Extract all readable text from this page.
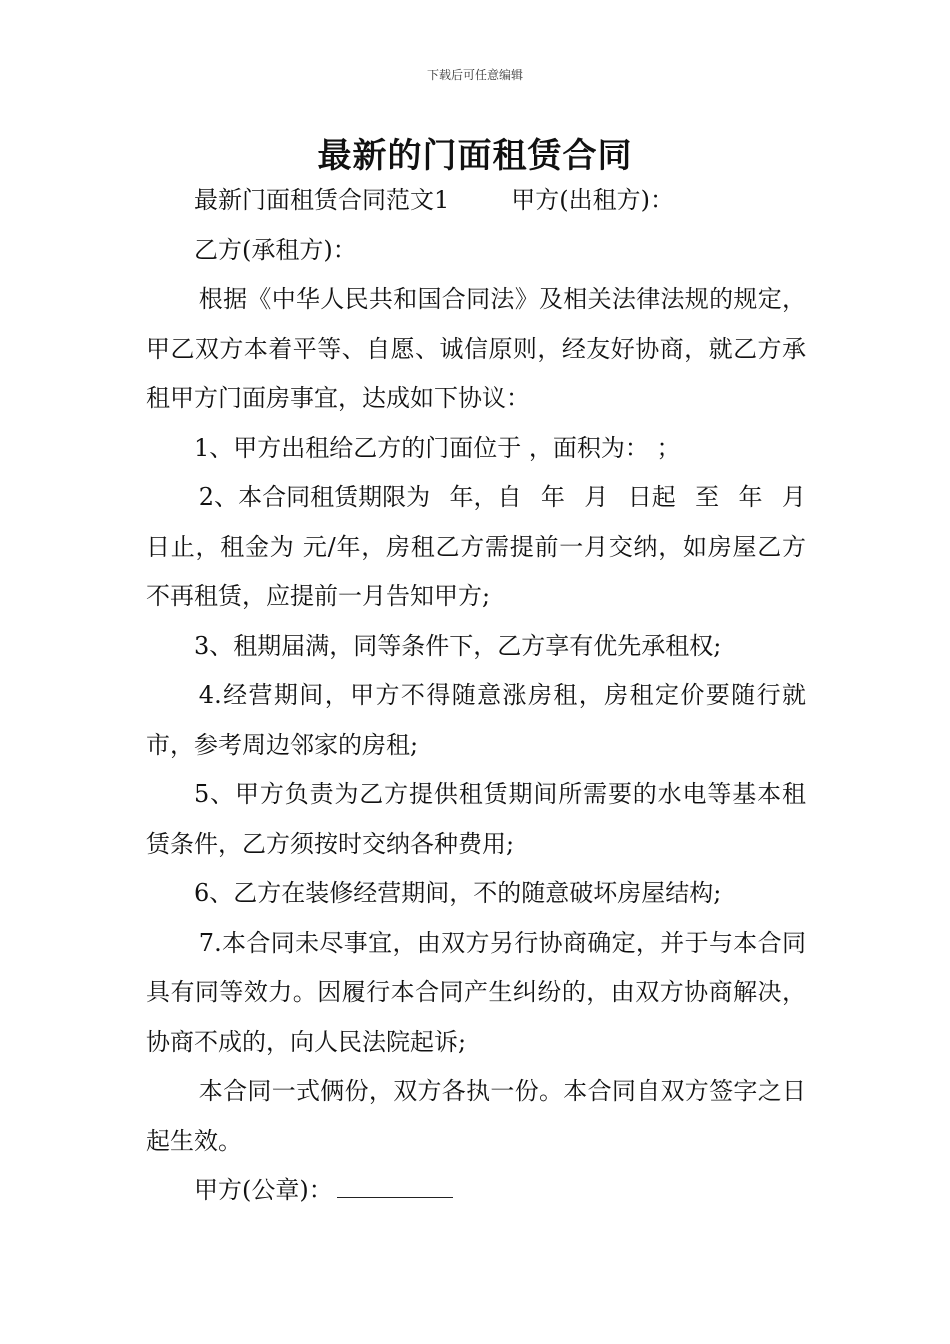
下载后可任意编辑
最新的门面租赁合同

最新门面租赁合同范文1	甲方(出租方)：

乙方(承租方)：

根据《中华人民共和国合同法》及相关法律法规的规定，甲乙双方本着平等、自愿、诚信原则，经友好协商，就乙方承租甲方门面房事宜，达成如下协议：

1、甲方出租给乙方的门面位于 ，面积为： ；

2、本合同租赁期限为 年，自 年 月 日起 至 年 月

日止，租金为 元/年，房租乙方需提前一月交纳，如房屋乙方不再租赁，应提前一月告知甲方;

3、租期届满，同等条件下，乙方享有优先承租权;

4.经营期间，甲方不得随意涨房租，房租定价要随行就市，参考周边邻家的房租;

5、甲方负责为乙方提供租赁期间所需要的水电等基本租赁条件，乙方须按时交纳各种费用;

6、乙方在装修经营期间，不的随意破坏房屋结构;

7.本合同未尽事宜，由双方另行协商确定，并于与本合同具有同等效力。因履行本合同产生纠纷的，由双方协商解决，协商不成的，向人民法院起诉;

本合同一式俩份，双方各执一份。本合同自双方签字之日起生效。

甲方(公章)：
